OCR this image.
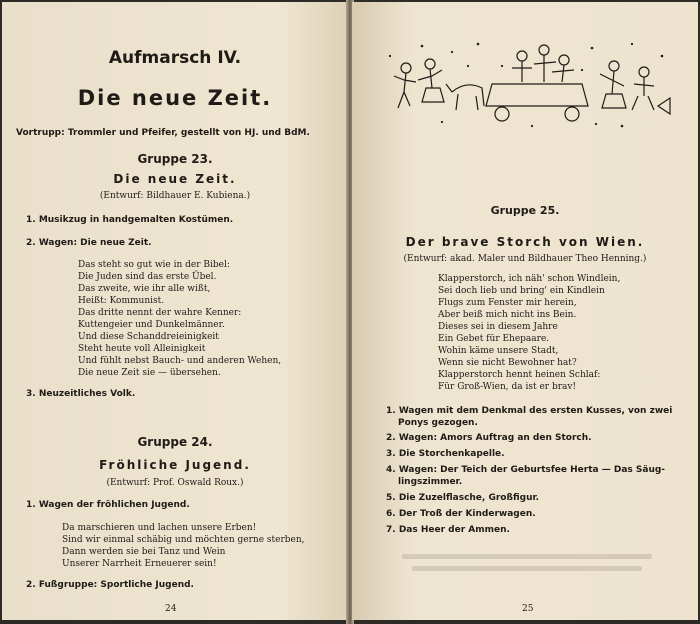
Aufmarsch IV.
Die neue Zeit.
Vortrupp: Trommler und Pfeifer, gestellt von HJ. und BdM.
Gruppe 23.
Die neue Zeit.
(Entwurf: Bildhauer E. Kubiena.)
1. Musikzug in handgemalten Kostümen.
2. Wagen: Die neue Zeit.
Das steht so gut wie in der Bibel:
Die Juden sind das erste Übel.
Das zweite, wie ihr alle wißt,
Heißt: Kommunist.
Das dritte nennt der wahre Kenner:
Kuttengeier und Dunkelmänner.
Und diese Schanddreieinigkeit
Steht heute voll Alleinigkeit
Und fühlt nebst Bauch- und anderen Wehen,
Die neue Zeit sie — übersehen.
3. Neuzeitliches Volk.
Gruppe 24.
Fröhliche Jugend.
(Entwurf: Prof. Oswald Roux.)
1. Wagen der fröhlichen Jugend.
Da marschieren und lachen unsere Erben!
Sind wir einmal schäbig und möchten gerne sterben,
Dann werden sie bei Tanz und Wein
Unserer Narrheit Erneuerer sein!
2. Fußgruppe: Sportliche Jugend.
24
Gruppe 25.
Der brave Storch von Wien.
(Entwurf: akad. Maler und Bildhauer Theo Henning.)
Klapperstorch, ich näh' schon Windlein,
Sei doch lieb und bring' ein Kindlein
Flugs zum Fenster mir herein,
Aber beiß mich nicht ins Bein.
Dieses sei in diesem Jahre
Ein Gebet für Ehepaare.
Wohin käme unsere Stadt,
Wenn sie nicht Bewohner hat?
Klapperstorch hennt heinen Schlaf:
Für Groß-Wien, da ist er brav!
1. Wagen mit dem Denkmal des ersten Kusses, von zwei
Ponys gezogen.
2. Wagen: Amors Auftrag an den Storch.
3. Die Storchenkapelle.
4. Wagen: Der Teich der Geburtsfee Herta — Das Säug-
lingszimmer.
5. Die Zuzelflasche, Großfigur.
6. Der Troß der Kinderwagen.
7. Das Heer der Ammen.
25
